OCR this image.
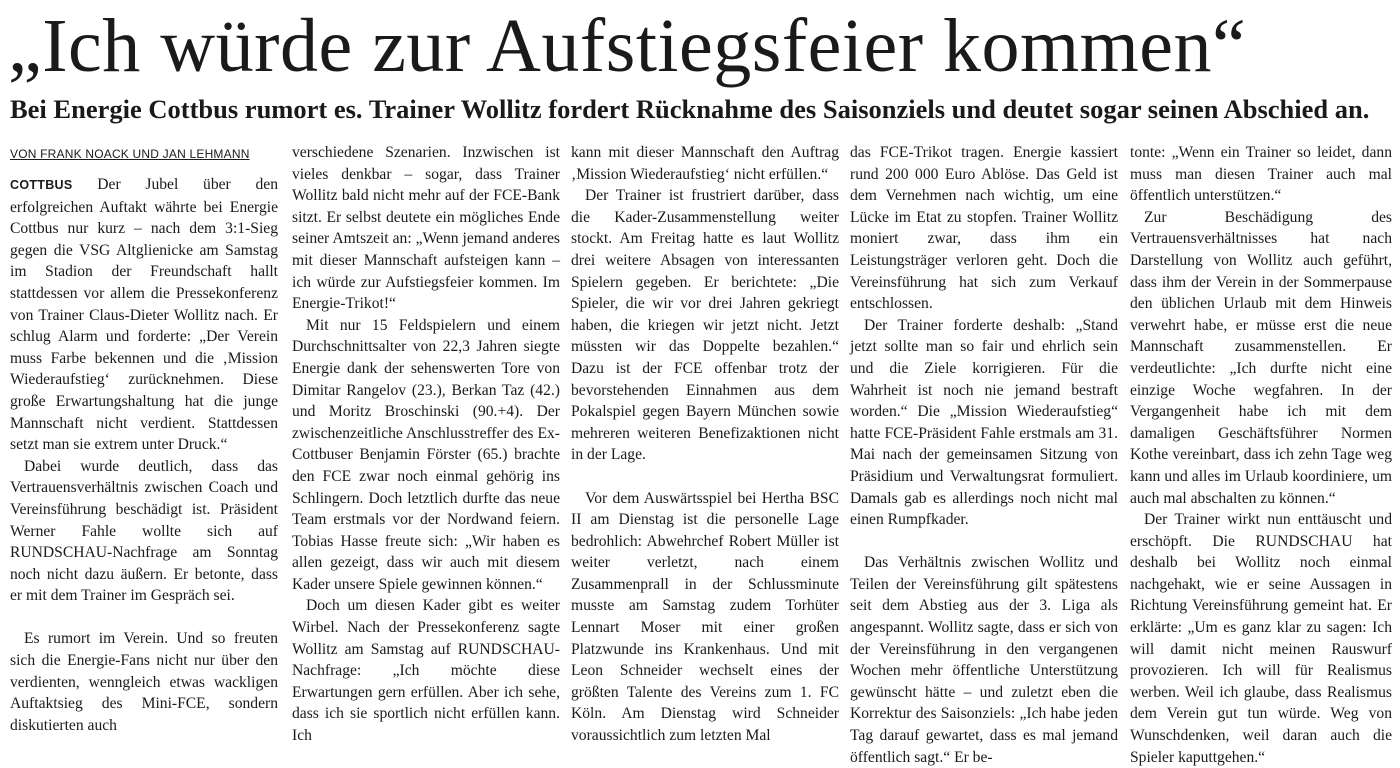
„Ich würde zur Aufstiegsfeier kommen“
Bei Energie Cottbus rumort es. Trainer Wollitz fordert Rücknahme des Saisonziels und deutet sogar seinen Abschied an.
VON FRANK NOACK UND JAN LEHMANN

COTTBUS Der Jubel über den erfolgreichen Auftakt währte bei Energie Cottbus nur kurz – nach dem 3:1-Sieg gegen die VSG Altglienicke am Samstag im Stadion der Freundschaft hallt stattdessen vor allem die Pressekonferenz von Trainer Claus-Dieter Wollitz nach. Er schlug Alarm und forderte: „Der Verein muss Farbe bekennen und die ‚Mission Wiederaufstieg‘ zurücknehmen. Diese große Erwartungshaltung hat die junge Mannschaft nicht verdient. Stattdessen setzt man sie extrem unter Druck.“

Dabei wurde deutlich, dass das Vertrauensverhältnis zwischen Coach und Vereinsführung beschädigt ist. Präsident Werner Fahle wollte sich auf RUNDSCHAU-Nachfrage am Sonntag noch nicht dazu äußern. Er betonte, dass er mit dem Trainer im Gespräch sei.

Es rumort im Verein. Und so freuten sich die Energie-Fans nicht nur über den verdienten, wenngleich etwas wackligen Auftaktsieg des Mini-FCE, sondern diskutierten auch

verschiedene Szenarien. Inzwischen ist vieles denkbar – sogar, dass Trainer Wollitz bald nicht mehr auf der FCE-Bank sitzt. Er selbst deutete ein mögliches Ende seiner Amtszeit an: „Wenn jemand anderes mit dieser Mannschaft aufsteigen kann – ich würde zur Aufstiegsfeier kommen. Im Energie-Trikot!“

Mit nur 15 Feldspielern und einem Durchschnittsalter von 22,3 Jahren siegte Energie dank der sehenswerten Tore von Dimitar Rangelov (23.), Berkan Taz (42.) und Moritz Broschinski (90.+4). Der zwischenzeitliche Anschlusstreffer des Ex-Cottbuser Benjamin Förster (65.) brachte den FCE zwar noch einmal gehörig ins Schlingern. Doch letztlich durfte das neue Team erstmals vor der Nordwand feiern. Tobias Hasse freute sich: „Wir haben es allen gezeigt, dass wir auch mit diesem Kader unsere Spiele gewinnen können.“

Doch um diesen Kader gibt es weiter Wirbel. Nach der Pressekonferenz sagte Wollitz am Samstag auf RUNDSCHAU-Nachfrage: „Ich möchte diese Erwartungen gern erfüllen. Aber ich sehe, dass ich sie sportlich nicht erfüllen kann. Ich

kann mit dieser Mannschaft den Auftrag ‚Mission Wiederaufstieg‘ nicht erfüllen.“

Der Trainer ist frustriert darüber, dass die Kader-Zusammenstellung weiter stockt. Am Freitag hatte es laut Wollitz drei weitere Absagen von interessanten Spielern gegeben. Er berichtete: „Die Spieler, die wir vor drei Jahren gekriegt haben, die kriegen wir jetzt nicht. Jetzt müssten wir das Doppelte bezahlen.“ Dazu ist der FCE offenbar trotz der bevorstehenden Einnahmen aus dem Pokalspiel gegen Bayern München sowie mehreren weiteren Benefizaktionen nicht in der Lage.

Vor dem Auswärtsspiel bei Hertha BSC II am Dienstag ist die personelle Lage bedrohlich: Abwehrchef Robert Müller ist weiter verletzt, nach einem Zusammenprall in der Schlussminute musste am Samstag zudem Torhüter Lennart Moser mit einer großen Platzwunde ins Krankenhaus. Und mit Leon Schneider wechselt eines der größten Talente des Vereins zum 1. FC Köln. Am Dienstag wird Schneider voraussichtlich zum letzten Mal

das FCE-Trikot tragen. Energie kassiert rund 200 000 Euro Ablöse. Das Geld ist dem Vernehmen nach wichtig, um eine Lücke im Etat zu stopfen. Trainer Wollitz moniert zwar, dass ihm ein Leistungsträger verloren geht. Doch die Vereinsführung hat sich zum Verkauf entschlossen.

Der Trainer forderte deshalb: „Stand jetzt sollte man so fair und ehrlich sein und die Ziele korrigieren. Für die Wahrheit ist noch nie jemand bestraft worden.“ Die „Mission Wiederaufstieg“ hatte FCE-Präsident Fahle erstmals am 31. Mai nach der gemeinsamen Sitzung von Präsidium und Verwaltungsrat formuliert. Damals gab es allerdings noch nicht mal einen Rumpfkader.

Das Verhältnis zwischen Wollitz und Teilen der Vereinsführung gilt spätestens seit dem Abstieg aus der 3. Liga als angespannt. Wollitz sagte, dass er sich von der Vereinsführung in den vergangenen Wochen mehr öffentliche Unterstützung gewünscht hätte – und zuletzt eben die Korrektur des Saisonziels: „Ich habe jeden Tag darauf gewartet, dass es mal jemand öffentlich sagt.“ Er be-

tonte: „Wenn ein Trainer so leidet, dann muss man diesen Trainer auch mal öffentlich unterstützen.“

Zur Beschädigung des Vertrauensverhältnisses hat nach Darstellung von Wollitz auch geführt, dass ihm der Verein in der Sommerpause den üblichen Urlaub mit dem Hinweis verwehrt habe, er müsse erst die neue Mannschaft zusammenstellen. Er verdeutlichte: „Ich durfte nicht eine einzige Woche wegfahren. In der Vergangenheit habe ich mit dem damaligen Geschäftsführer Normen Kothe vereinbart, dass ich zehn Tage weg kann und alles im Urlaub koordiniere, um auch mal abschalten zu können.“

Der Trainer wirkt nun enttäuscht und erschöpft. Die RUNDSCHAU hat deshalb bei Wollitz noch einmal nachgehakt, wie er seine Aussagen in Richtung Vereinsführung gemeint hat. Er erklärte: „Um es ganz klar zu sagen: Ich will damit nicht meinen Rauswurf provozieren. Ich will für Realismus werben. Weil ich glaube, dass Realismus dem Verein gut tun würde. Weg von Wunschdenken, weil daran auch die Spieler kaputtgehen.“
